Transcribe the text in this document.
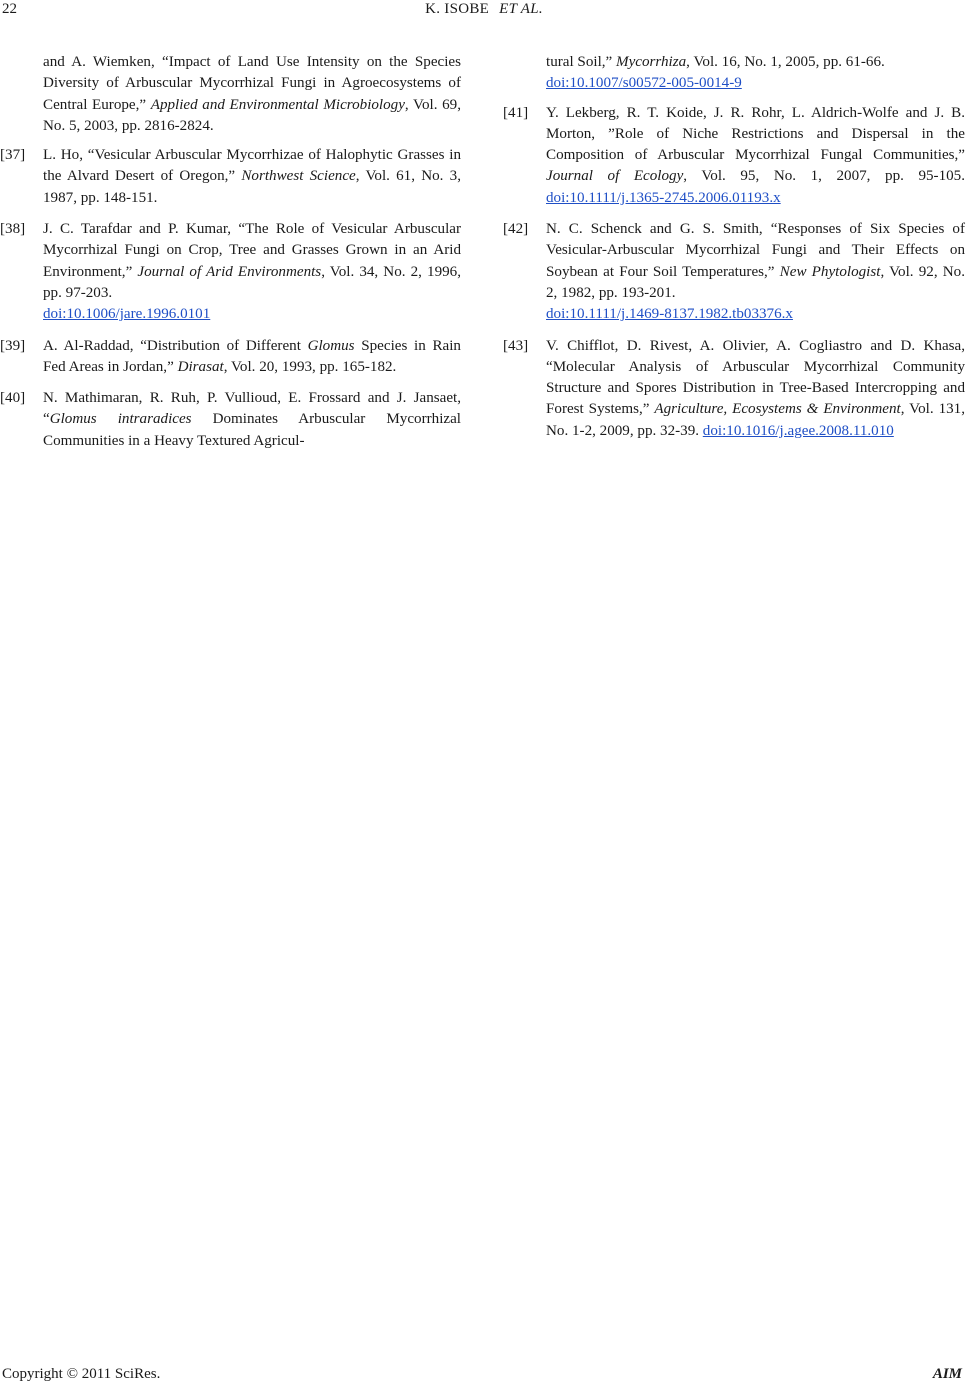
22	K. ISOBE ET AL.
and A. Wiemken, “Impact of Land Use Intensity on the Species Diversity of Arbuscular Mycorrhizal Fungi in Agroecosystems of Central Europe,” Applied and Environmental Microbiology, Vol. 69, No. 5, 2003, pp. 2816-2824.
[37] L. Ho, “Vesicular Arbuscular Mycorrhizae of Halophytic Grasses in the Alvard Desert of Oregon,” Northwest Science, Vol. 61, No. 3, 1987, pp. 148-151.
[38] J. C. Tarafdar and P. Kumar, “The Role of Vesicular Arbuscular Mycorrhizal Fungi on Crop, Tree and Grasses Grown in an Arid Environment,” Journal of Arid Environments, Vol. 34, No. 2, 1996, pp. 97-203.
doi:10.1006/jare.1996.0101
[39] A. Al-Raddad, “Distribution of Different Glomus Species in Rain Fed Areas in Jordan,” Dirasat, Vol. 20, 1993, pp. 165-182.
[40] N. Mathimaran, R. Ruh, P. Vullioud, E. Frossard and J. Jansaet, “Glomus intraradices Dominates Arbuscular Mycorrhizal Communities in a Heavy Textured Agricul-
tural Soil,” Mycorrhiza, Vol. 16, No. 1, 2005, pp. 61-66.
doi:10.1007/s00572-005-0014-9
[41] Y. Lekberg, R. T. Koide, J. R. Rohr, L. Aldrich-Wolfe and J. B. Morton, ”Role of Niche Restrictions and Dispersal in the Composition of Arbuscular Mycorrhizal Fungal Communities,” Journal of Ecology, Vol. 95, No. 1, 2007, pp. 95-105. doi:10.1111/j.1365-2745.2006.01193.x
[42] N. C. Schenck and G. S. Smith, “Responses of Six Species of Vesicular-Arbuscular Mycorrhizal Fungi and Their Effects on Soybean at Four Soil Temperatures,” New Phytologist, Vol. 92, No. 2, 1982, pp. 193-201.
doi:10.1111/j.1469-8137.1982.tb03376.x
[43] V. Chifflot, D. Rivest, A. Olivier, A. Cogliastro and D. Khasa, “Molecular Analysis of Arbuscular Mycorrhizal Community Structure and Spores Distribution in Tree-Based Intercropping and Forest Systems,” Agriculture, Ecosystems & Environment, Vol. 131, No. 1-2, 2009, pp. 32-39. doi:10.1016/j.agee.2008.11.010
Copyright © 2011 SciRes.	AIM
